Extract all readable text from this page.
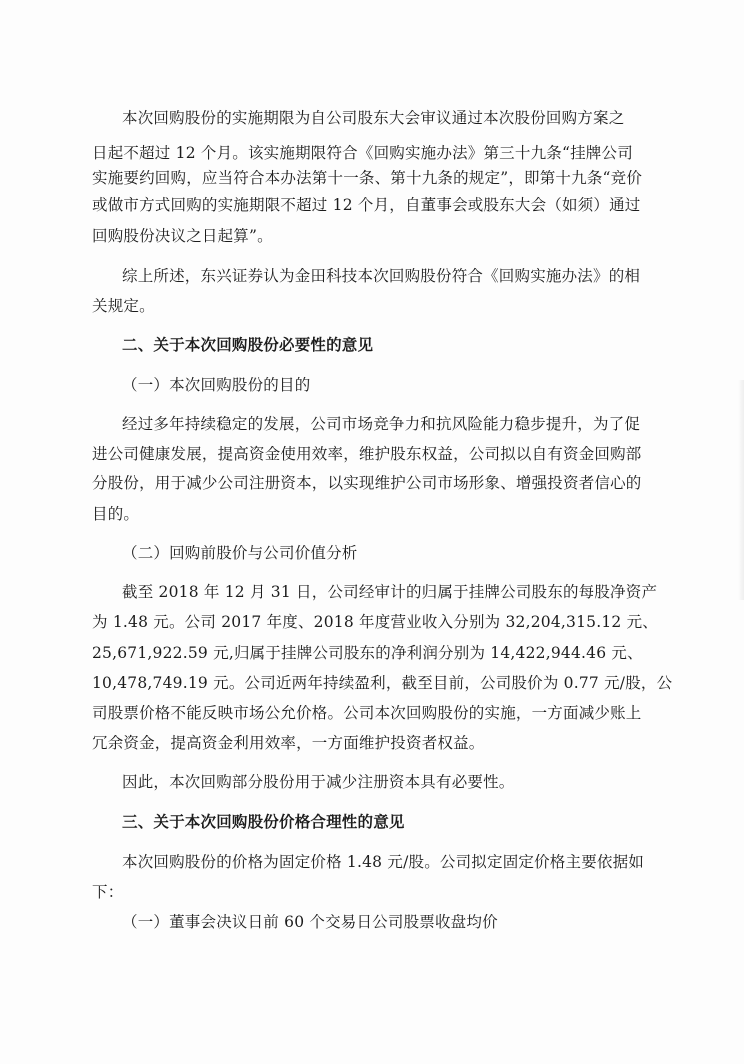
本次回购股份的实施期限为自公司股东大会审议通过本次股份回购方案之
日起不超过 12 个月。该实施期限符合《回购实施办法》第三十九条“挂牌公司
实施要约回购，应当符合本办法第十一条、第十九条的规定”，即第十九条“竞价
或做市方式回购的实施期限不超过 12 个月，自董事会或股东大会（如须）通过
回购股份决议之日起算”。
综上所述，东兴证券认为金田科技本次回购股份符合《回购实施办法》的相
关规定。
二、关于本次回购股份必要性的意见
（一）本次回购股份的目的
经过多年持续稳定的发展，公司市场竞争力和抗风险能力稳步提升，为了促
进公司健康发展，提高资金使用效率，维护股东权益，公司拟以自有资金回购部
分股份，用于减少公司注册资本，以实现维护公司市场形象、增强投资者信心的
目的。
（二）回购前股价与公司价值分析
截至 2018 年 12 月 31 日，公司经审计的归属于挂牌公司股东的每股净资产
为 1.48 元。公司 2017 年度、2018 年度营业收入分别为 32,204,315.12 元、
25,671,922.59 元,归属于挂牌公司股东的净利润分别为 14,422,944.46 元、
10,478,749.19 元。公司近两年持续盈利，截至目前，公司股价为 0.77 元/股，公
司股票价格不能反映市场公允价格。公司本次回购股份的实施，一方面减少账上
冗余资金，提高资金利用效率，一方面维护投资者权益。
因此，本次回购部分股份用于减少注册资本具有必要性。
三、关于本次回购股份价格合理性的意见
本次回购股份的价格为固定价格 1.48 元/股。公司拟定固定价格主要依据如
下：
（一）董事会决议日前 60 个交易日公司股票收盘均价
